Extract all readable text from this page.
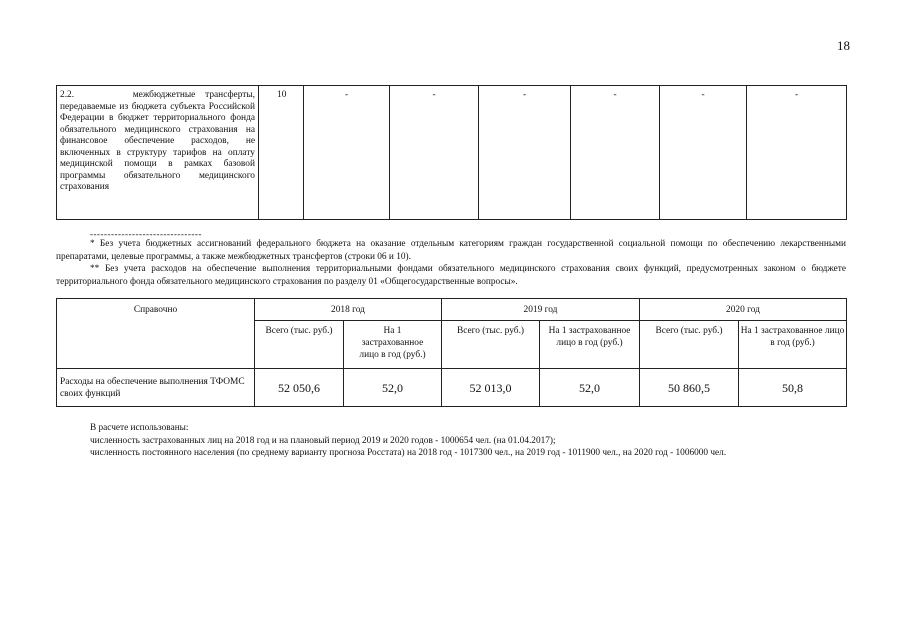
18
2.2.	межбюджетные трансферты, передаваемые из бюджета субъекта Российской Федерации в бюджет территориального фонда обязательного медицинского страхования на финансовое обеспечение расходов, не включенных в структуру тарифов на оплату медицинской помощи в рамках базовой программы обязательного медицинского страхования	10	-	-	-	-	-	-
--------------------------------

* Без учета бюджетных ассигнований федерального бюджета на оказание отдельным категориям граждан государственной социальной помощи по обеспечению лекарственными препаратами, целевые программы, а также межбюджетных трансфертов (строки 06 и 10).

** Без учета расходов на обеспечение выполнения территориальными фондами обязательного медицинского страхования своих функций, предусмотренных законом о бюджете территориального фонда обязательного медицинского страхования по разделу 01 «Общегосударственные вопросы».

Справочно	2018 год		2019 год		2020 год	
	Всего (тыс. руб.)	На 1 застрахованное лицо в год (руб.)	Всего (тыс. руб.)	На 1 застрахованное лицо в год (руб.)	Всего (тыс. руб.)	На 1 застрахованное лицо в год (руб.)
Расходы на обеспечение выполнения ТФОМС своих функций	52 050,6	52,0	52 013,0	52,0	50 860,5	50,8
В расчете использованы:
численность застрахованных лиц на 2018 год и на плановый период 2019 и 2020 годов - 1000654 чел. (на 01.04.2017);
численность постоянного населения (по среднему варианту прогноза Росстата) на 2018 год - 1017300 чел., на 2019 год - 1011900 чел., на 2020 год - 1006000 чел.
